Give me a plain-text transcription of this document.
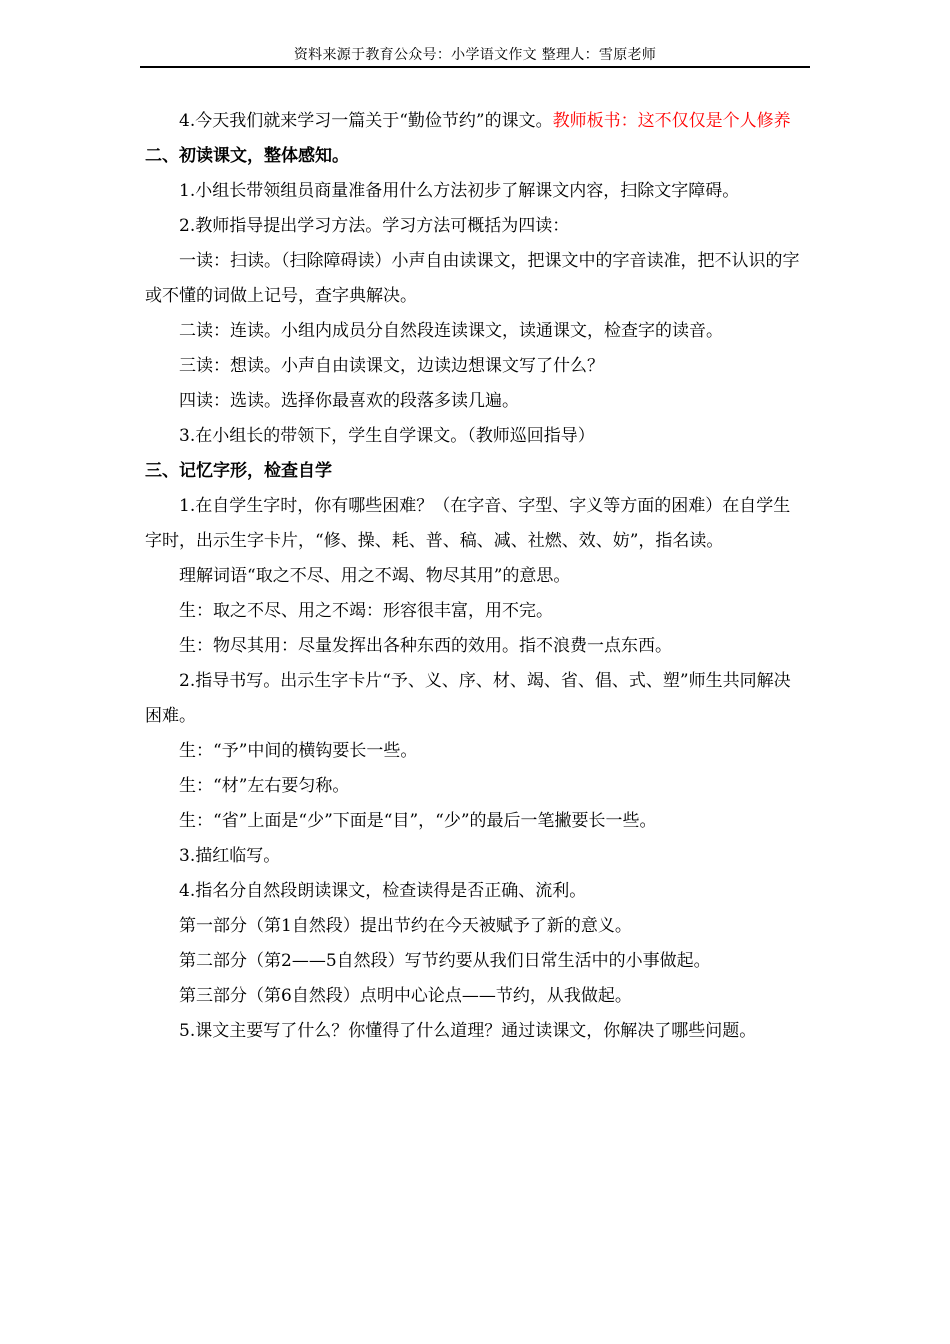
资料来源于教育公众号：小学语文作文 整理人：雪原老师

4.今天我们就来学习一篇关于“勤俭节约”的课文。教师板书：这不仅仅是个人修养

二、初读课文，整体感知。

1.小组长带领组员商量准备用什么方法初步了解课文内容，扫除文字障碍。

2.教师指导提出学习方法。学习方法可概括为四读：

一读：扫读。（扫除障碍读）小声自由读课文，把课文中的字音读准，把不认识的字或不懂的词做上记号，查字典解决。

二读：连读。小组内成员分自然段连读课文，读通课文，检查字的读音。

三读：想读。小声自由读课文，边读边想课文写了什么？

四读：选读。选择你最喜欢的段落多读几遍。

3.在小组长的带领下，学生自学课文。（教师巡回指导）

三、记忆字形，检查自学

1.在自学生字时，你有哪些困难？（在字音、字型、字义等方面的困难）在自学生字时，出示生字卡片，“修、操、耗、普、稿、减、社燃、效、妨”，指名读。

理解词语“取之不尽、用之不竭、物尽其用”的意思。

生：取之不尽、用之不竭：形容很丰富，用不完。

生：物尽其用：尽量发挥出各种东西的效用。指不浪费一点东西。

2.指导书写。出示生字卡片“予、义、序、材、竭、省、倡、式、塑”师生共同解决困难。

生：“予”中间的横钩要长一些。

生：“材”左右要匀称。

生：“省”上面是“少”下面是“目”，“少”的最后一笔撇要长一些。

3.描红临写。

4.指名分自然段朗读课文，检查读得是否正确、流利。

第一部分（第1自然段）提出节约在今天被赋予了新的意义。

第二部分（第2——5自然段）写节约要从我们日常生活中的小事做起。

第三部分（第6自然段）点明中心论点——节约，从我做起。

5.课文主要写了什么？你懂得了什么道理？通过读课文，你解决了哪些问题。
